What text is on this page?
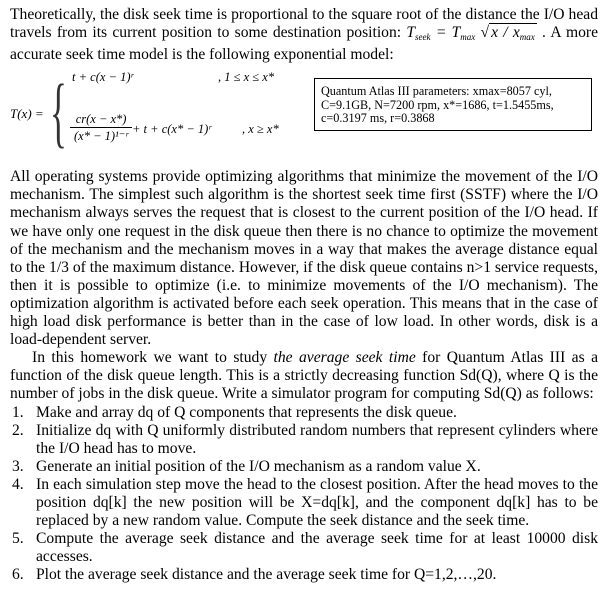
Theoretically, the disk seek time is proportional to the square root of the distance the I/O head travels from its current position to some destination position: $T_{seek} = T_{max}$ √ x / $x_{max}$ . A more accurate seek time model is the following exponential model:

T(x) = { t + c(x − 1)ʳ	, 1 ≤ x ≤ x*
$\frac{cr(x - x*)}{\text{(x* − 1)¹⁻ʳ}} + t + c(x*$ − 1)ʳ , x ≥ x*
Quantum Atlas III parameters: xmax=8057 cyl, C=9.1GB, N=7200 rpm, x*=1686, t=1.5455ms, c=0.3197 ms, r=0.3868

All operating systems provide optimizing algorithms that minimize the movement of the I/O mechanism. The simplest such algorithm is the shortest seek time first (SSTF) where the I/O mechanism always serves the request that is closest to the current position of the I/O head. If we have only one request in the disk queue then there is no chance to optimize the movement of the mechanism and the mechanism moves in a way that makes the average distance equal to the 1/3 of the maximum distance. However, if the disk queue contains n>1 service requests, then it is possible to optimize (i.e. to minimize movements of the I/O mechanism). The optimization algorithm is activated before each seek operation. This means that in the case of high load disk performance is better than in the case of low load. In other words, disk is a load-dependent server.

In this homework we want to study the average seek time for Quantum Atlas III as a function of the disk queue length. This is a strictly decreasing function Sd(Q), where Q is the number of jobs in the disk queue. Write a simulator program for computing Sd(Q) as follows:

1. Make and array dq of Q components that represents the disk queue.
2. Initialize dq with Q uniformly distributed random numbers that represent cylinders where the I/O head has to move.
3. Generate an initial position of the I/O mechanism as a random value X.
4. In each simulation step move the head to the closest position. After the head moves to the position dq[k] the new position will be X=dq[k], and the component dq[k] has to be replaced by a new random value. Compute the seek distance and the seek time.
5. Compute the average seek distance and the average seek time for at least 10000 disk accesses.
6. Plot the average seek distance and the average seek time for Q=1,2,…,20.
